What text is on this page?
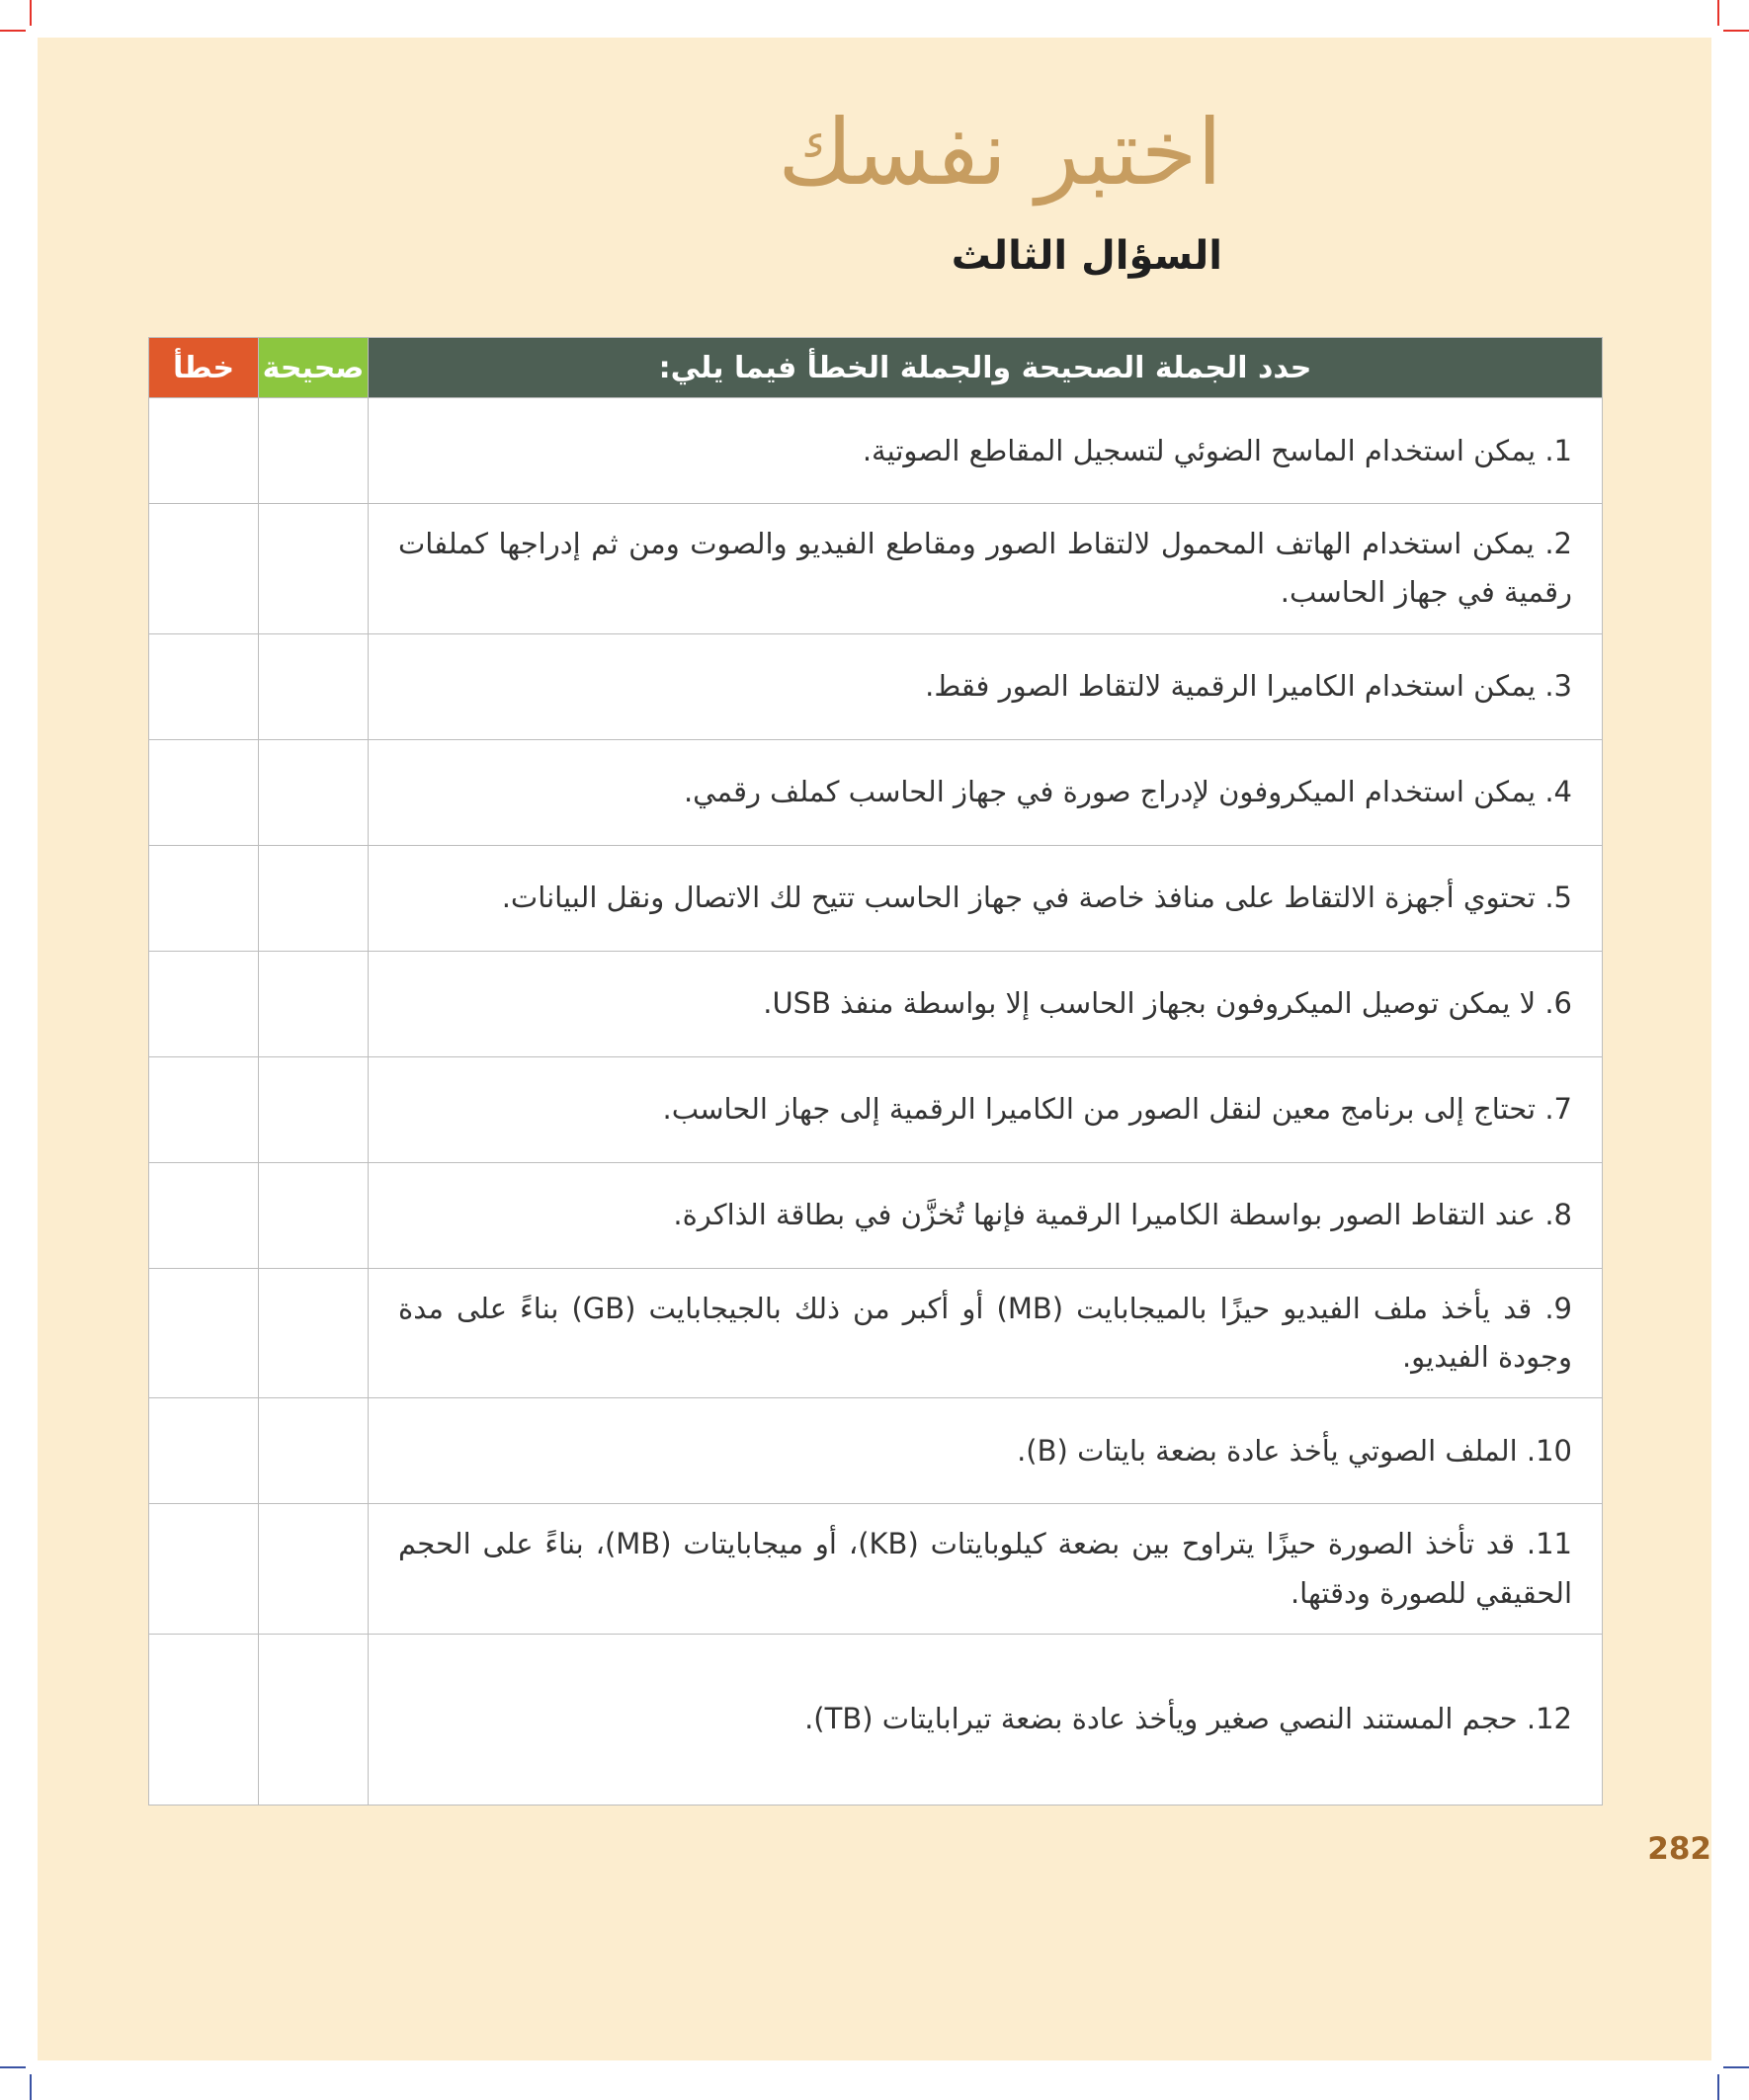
اختبر نفسك
السؤال الثالث
حدد الجملة الصحيحة والجملة الخطأ فيما يلي:
صحيحة
خطأ
1. يمكن استخدام الماسح الضوئي لتسجيل المقاطع الصوتية.
2. يمكن استخدام الهاتف المحمول لالتقاط الصور ومقاطع الفيديو والصوت ومن ثم إدراجها كملفات رقمية في جهاز الحاسب.
3. يمكن استخدام الكاميرا الرقمية لالتقاط الصور فقط.
4. يمكن استخدام الميكروفون لإدراج صورة في جهاز الحاسب كملف رقمي.
5. تحتوي أجهزة الالتقاط على منافذ خاصة في جهاز الحاسب تتيح لك الاتصال ونقل البيانات.
6. لا يمكن توصيل الميكروفون بجهاز الحاسب إلا بواسطة منفذ USB.
7. تحتاج إلى برنامج معين لنقل الصور من الكاميرا الرقمية إلى جهاز الحاسب.
8. عند التقاط الصور بواسطة الكاميرا الرقمية فإنها تُخزَّن في بطاقة الذاكرة.
9. قد يأخذ ملف الفيديو حيزًا بالميجابايت (MB) أو أكبر من ذلك بالجيجابايت (GB) بناءً على مدة وجودة الفيديو.
10. الملف الصوتي يأخذ عادة بضعة بايتات (B).
11. قد تأخذ الصورة حيزًا يتراوح بين بضعة كيلوبايتات (KB)، أو ميجابايتات (MB)، بناءً على الحجم الحقيقي للصورة ودقتها.
12. حجم المستند النصي صغير ويأخذ عادة بضعة تيرابايتات (TB).
282
